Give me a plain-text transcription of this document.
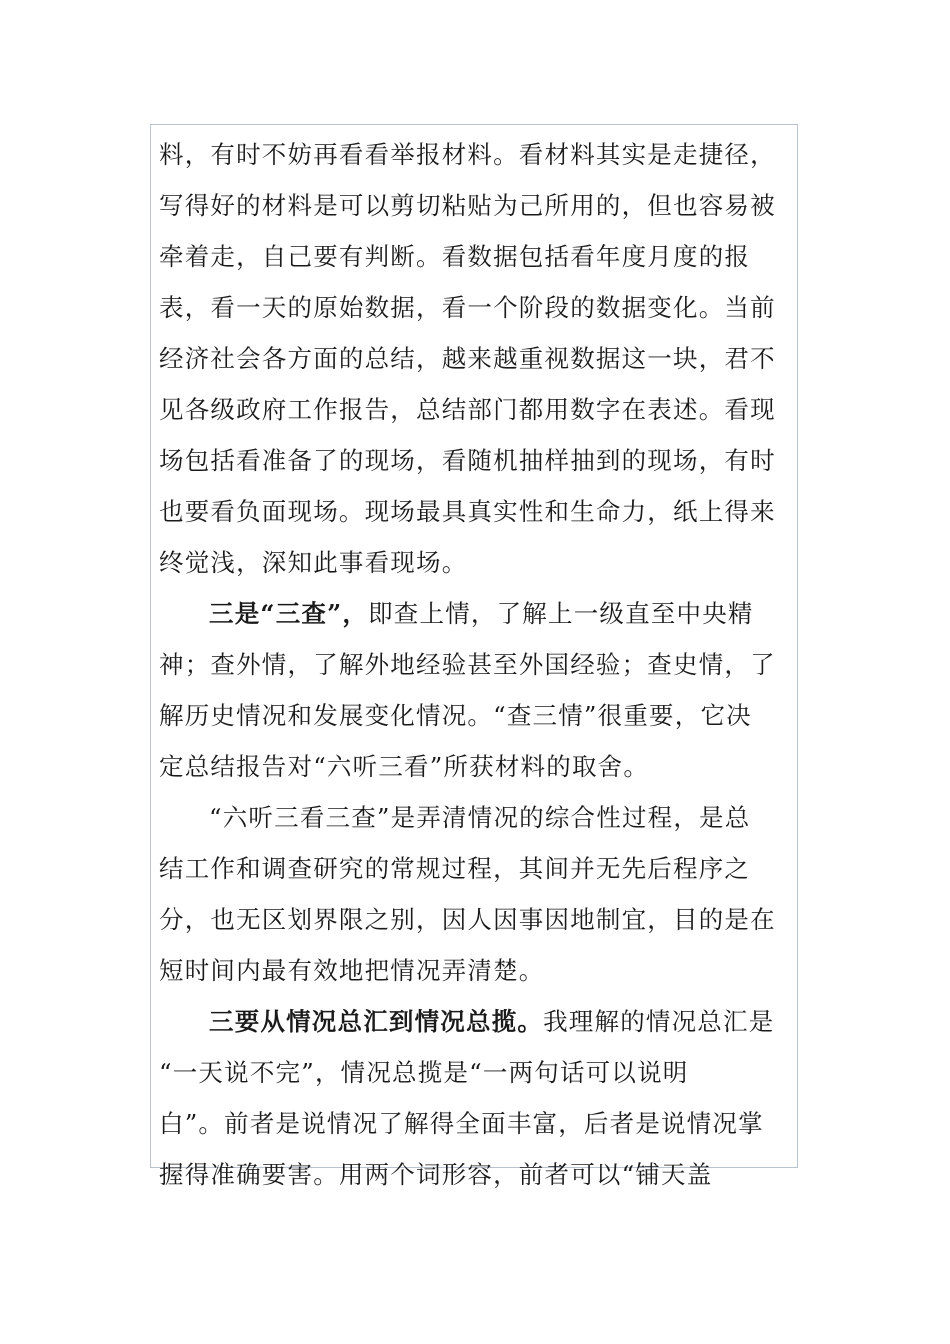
料，有时不妨再看看举报材料。看材料其实是走捷径，
写得好的材料是可以剪切粘贴为己所用的，但也容易被
牵着走，自己要有判断。看数据包括看年度月度的报
表，看一天的原始数据，看一个阶段的数据变化。当前
经济社会各方面的总结，越来越重视数据这一块，君不
见各级政府工作报告，总结部门都用数字在表述。看现
场包括看准备了的现场，看随机抽样抽到的现场，有时
也要看负面现场。现场最具真实性和生命力，纸上得来
终觉浅，深知此事看现场。
三是“三查”，即查上情，了解上一级直至中央精
神；查外情，了解外地经验甚至外国经验；查史情，了
解历史情况和发展变化情况。“查三情”很重要，它决
定总结报告对“六听三看”所获材料的取舍。
“六听三看三查”是弄清情况的综合性过程，是总
结工作和调查研究的常规过程，其间并无先后程序之
分，也无区划界限之别，因人因事因地制宜，目的是在
短时间内最有效地把情况弄清楚。
三要从情况总汇到情况总揽。我理解的情况总汇是
“一天说不完”，情况总揽是“一两句话可以说明
白”。前者是说情况了解得全面丰富，后者是说情况掌
握得准确要害。用两个词形容，前者可以“铺天盖
